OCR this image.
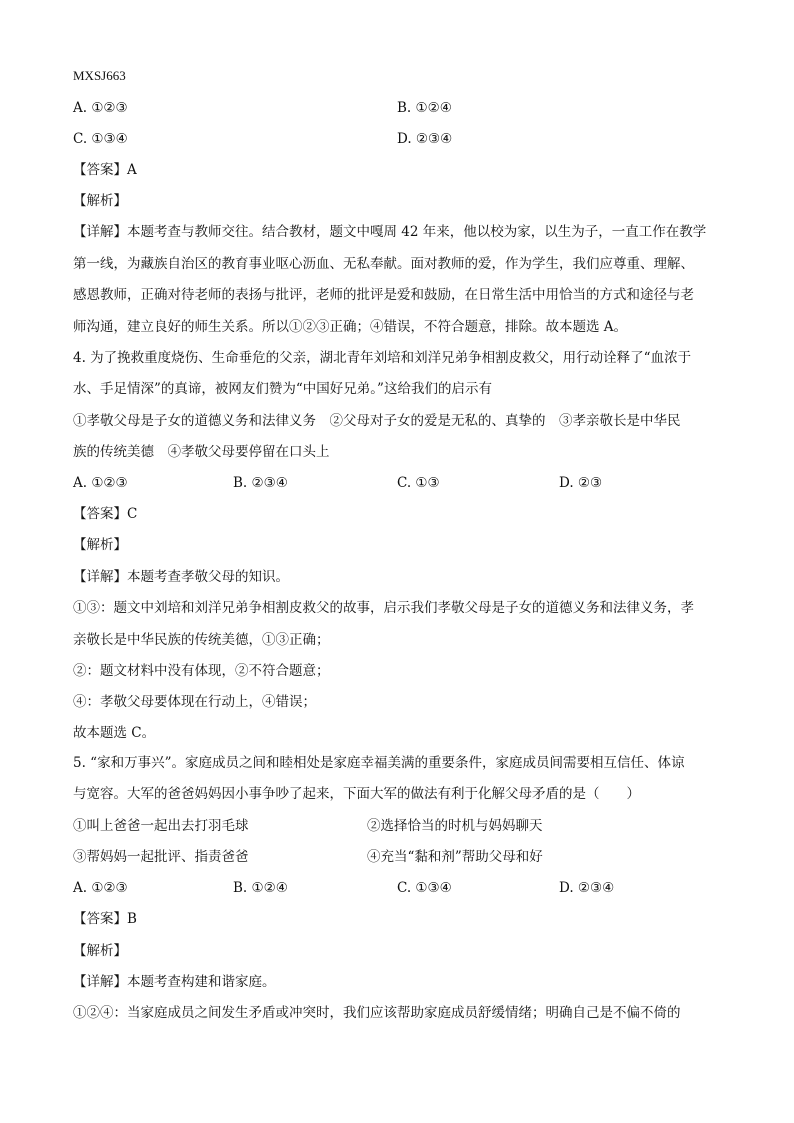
MXSJ663
A. ①②③	B. ①②④
C. ①③④	D. ②③④
【答案】A
【解析】
【详解】本题考查与教师交往。结合教材，题文中嘎周 42 年来，他以校为家，以生为子，一直工作在教学
第一线，为藏族自治区的教育事业呕心沥血、无私奉献。面对教师的爱，作为学生，我们应尊重、理解、
感恩教师，正确对待老师的表扬与批评，老师的批评是爱和鼓励，在日常生活中用恰当的方式和途径与老
师沟通，建立良好的师生关系。所以①②③正确；④错误，不符合题意，排除。故本题选 A。
4. 为了挽救重度烧伤、生命垂危的父亲，湖北青年刘培和刘洋兄弟争相割皮救父，用行动诠释了“血浓于
水、手足情深”的真谛，被网友们赞为“中国好兄弟。”这给我们的启示有
①孝敬父母是子女的道德义务和法律义务　②父母对子女的爱是无私的、真挚的　③孝亲敬长是中华民
族的传统美德　④孝敬父母要停留在口头上
A. ①②③	B. ②③④	C. ①③	D. ②③
【答案】C
【解析】
【详解】本题考查孝敬父母的知识。
①③：题文中刘培和刘洋兄弟争相割皮救父的故事，启示我们孝敬父母是子女的道德义务和法律义务，孝
亲敬长是中华民族的传统美德，①③正确；
②：题文材料中没有体现，②不符合题意；
④：孝敬父母要体现在行动上，④错误；
故本题选 C。
5. “家和万事兴”。家庭成员之间和睦相处是家庭幸福美满的重要条件，家庭成员间需要相互信任、体谅
与宽容。大军的爸爸妈妈因小事争吵了起来，下面大军的做法有利于化解父母矛盾的是（　　）
①叫上爸爸一起出去打羽毛球	②选择恰当的时机与妈妈聊天
③帮妈妈一起批评、指责爸爸	④充当“黏和剂”帮助父母和好
A. ①②③	B. ①②④	C. ①③④	D. ②③④
【答案】B
【解析】
【详解】本题考查构建和谐家庭。
①②④：当家庭成员之间发生矛盾或冲突时，我们应该帮助家庭成员舒缓情绪；明确自己是不偏不倚的
